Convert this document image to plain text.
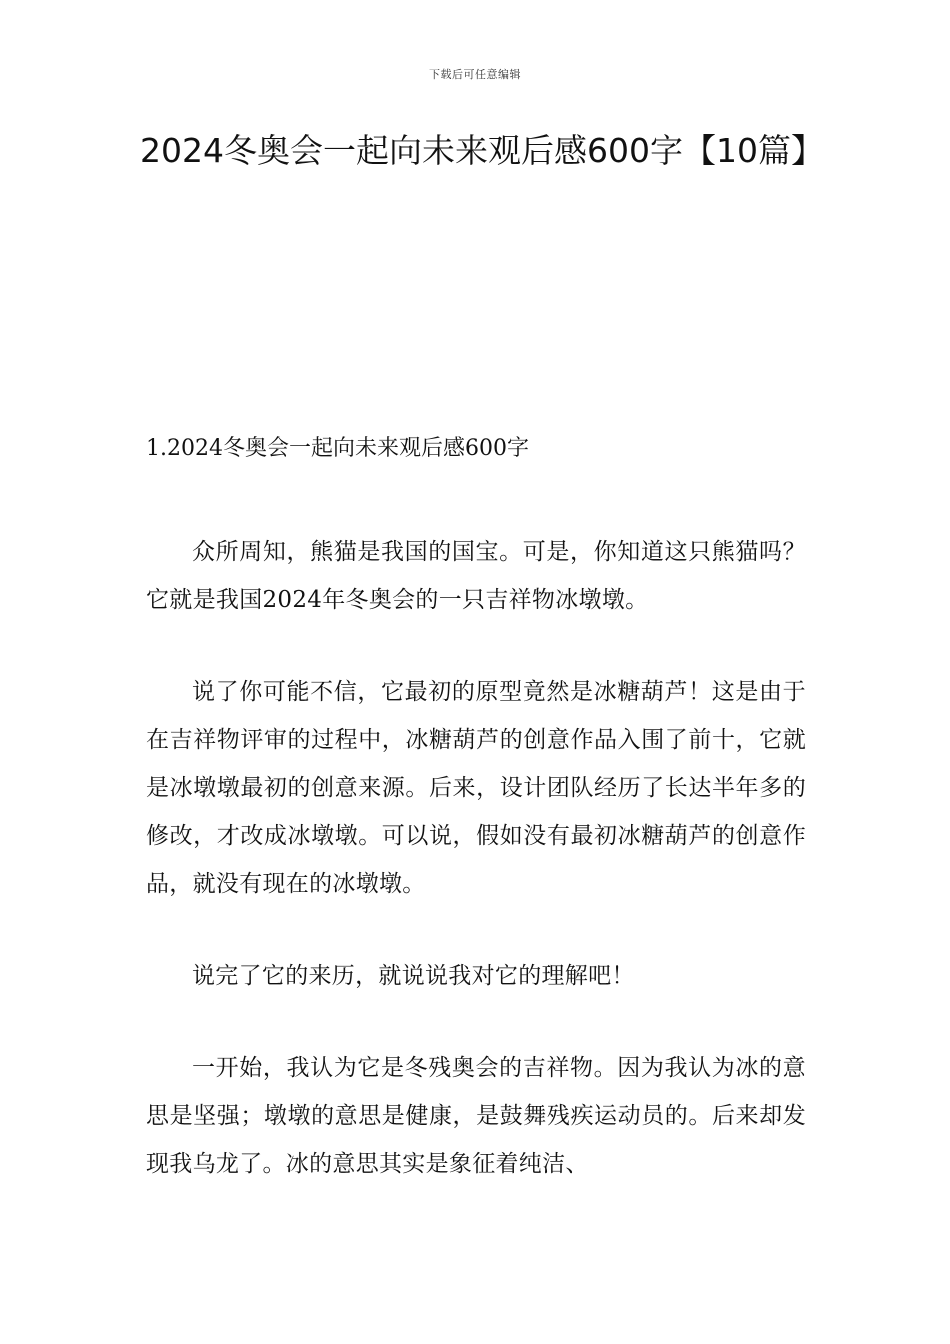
下载后可任意编辑
2024冬奥会一起向未来观后感600字【10篇】
1.2024冬奥会一起向未来观后感600字

众所周知，熊猫是我国的国宝。可是，你知道这只熊猫吗？它就是我国2024年冬奥会的一只吉祥物冰墩墩。

说了你可能不信，它最初的原型竟然是冰糖葫芦！这是由于在吉祥物评审的过程中，冰糖葫芦的创意作品入围了前十，它就是冰墩墩最初的创意来源。后来，设计团队经历了长达半年多的修改，才改成冰墩墩。可以说，假如没有最初冰糖葫芦的创意作品，就没有现在的冰墩墩。

说完了它的来历，就说说我对它的理解吧！

一开始，我认为它是冬残奥会的吉祥物。因为我认为冰的意思是坚强；墩墩的意思是健康，是鼓舞残疾运动员的。后来却发现我乌龙了。冰的意思其实是象征着纯洁、
